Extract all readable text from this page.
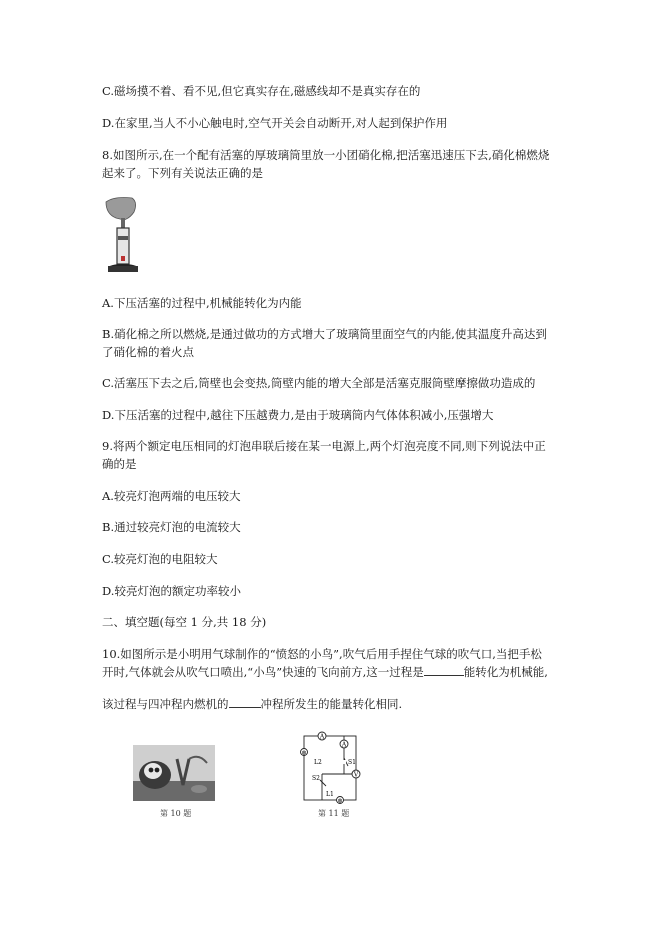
C.磁场摸不着、看不见,但它真实存在,磁感线却不是真实存在的
D.在家里,当人不小心触电时,空气开关会自动断开,对人起到保护作用
8.如图所示,在一个配有活塞的厚玻璃筒里放一小团硝化棉,把活塞迅速压下去,硝化棉燃烧
起来了。下列有关说法正确的是
A.下压活塞的过程中,机械能转化为内能
B.硝化棉之所以燃烧,是通过做功的方式增大了玻璃筒里面空气的内能,使其温度升高达到
了硝化棉的着火点
C.活塞压下去之后,筒壁也会变热,筒壁内能的增大全部是活塞克服筒壁摩擦做功造成的
D.下压活塞的过程中,越往下压越费力,是由于玻璃筒内气体体积减小,压强增大
9.将两个额定电压相同的灯泡串联后接在某一电源上,两个灯泡亮度不同,则下列说法中正
确的是
A.较亮灯泡两端的电压较大
B.通过较亮灯泡的电流较大
C.较亮灯泡的电阻较大
D.较亮灯泡的额定功率较小
二、填空题(每空 1 分,共 18 分)
10.如图所示是小明用气球制作的“愤怒的小鸟”,吹气后用手捏住气球的吹气口,当把手松
开时,气体就会从吹气口喷出,“小鸟”快速的飞向前方,这一过程是	能转化为机械能,
该过程与四冲程内燃机的	冲程所发生的能量转化相同.
第 10 题
A
A
⊗
L2	S1
S2	V
L1
⊗
第 11 题
